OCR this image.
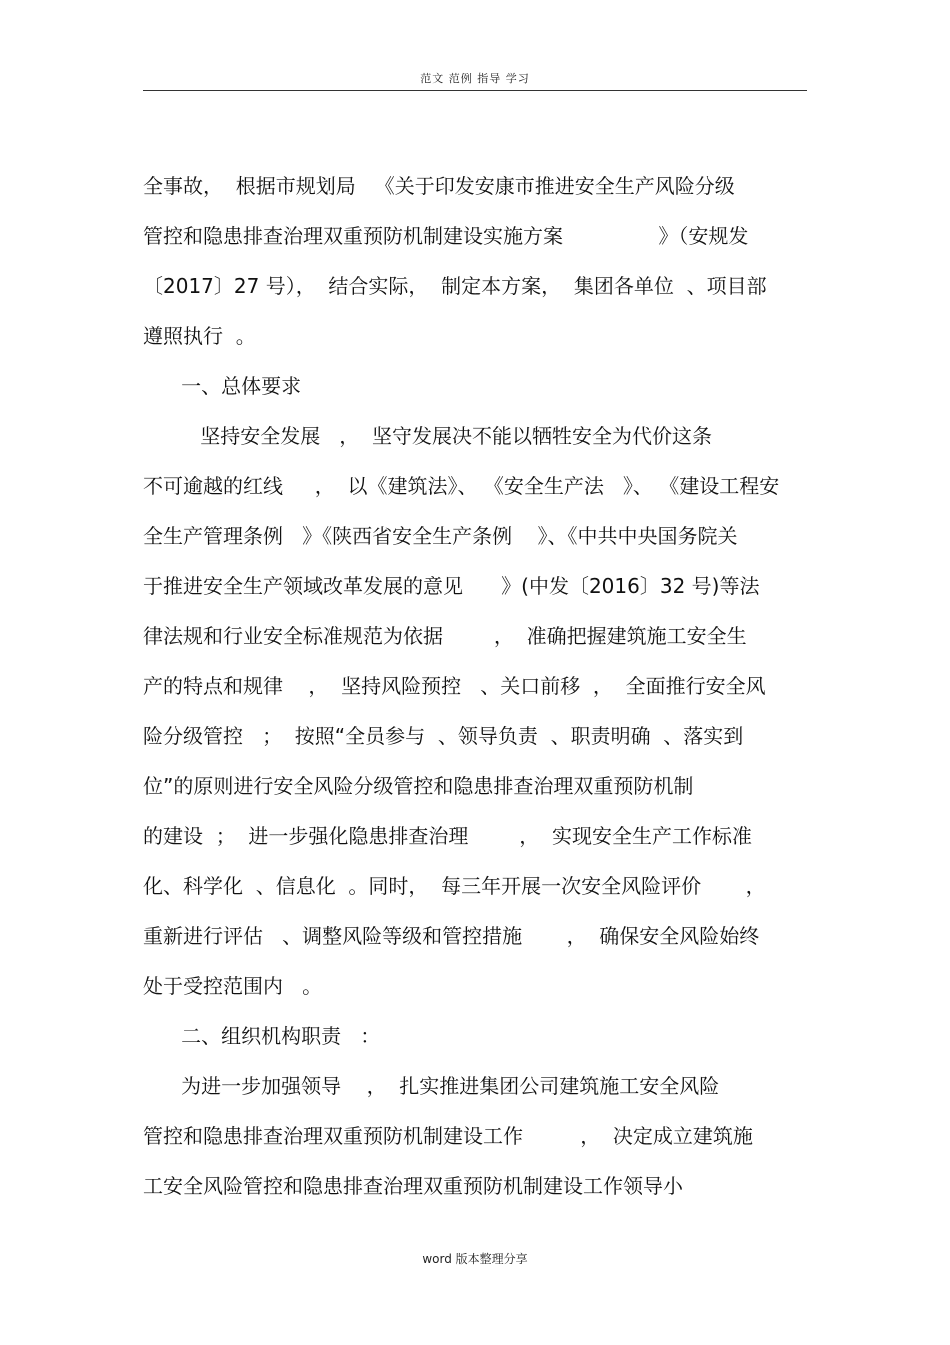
范文 范例 指导 学习
全事故，  根据市规划局   《关于印发安康市推进安全生产风险分级
管控和隐患排查治理双重预防机制建设实施方案               》（安规发
〔2017〕27 号），  结合实际，  制定本方案，  集团各单位  、项目部
遵照执行  。
一、总体要求
坚持安全发展   ，  坚守发展决不能以牺牲安全为代价这条
不可逾越的红线     ，  以《建筑法》、 《安全生产法   》、 《建设工程安
全生产管理条例   》《陕西省安全生产条例    》、《中共中央国务院关
于推进安全生产领域改革发展的意见      》(中发〔2016〕32 号)等法
律法规和行业安全标准规范为依据        ，  准确把握建筑施工安全生
产的特点和规律    ，  坚持风险预控   、关口前移  ，  全面推行安全风
险分级管控   ；  按照“全员参与  、领导负责  、职责明确  、落实到
位”的原则进行安全风险分级管控和隐患排查治理双重预防机制
的建设  ；  进一步强化隐患排查治理        ，  实现安全生产工作标准
化、科学化  、信息化  。同时，  每三年开展一次安全风险评价       ，
重新进行评估   、调整风险等级和管控措施       ，  确保安全风险始终
处于受控范围内   。
二、组织机构职责   ：
为进一步加强领导    ，  扎实推进集团公司建筑施工安全风险
管控和隐患排查治理双重预防机制建设工作         ，  决定成立建筑施
工安全风险管控和隐患排查治理双重预防机制建设工作领导小
word 版本整理分享
